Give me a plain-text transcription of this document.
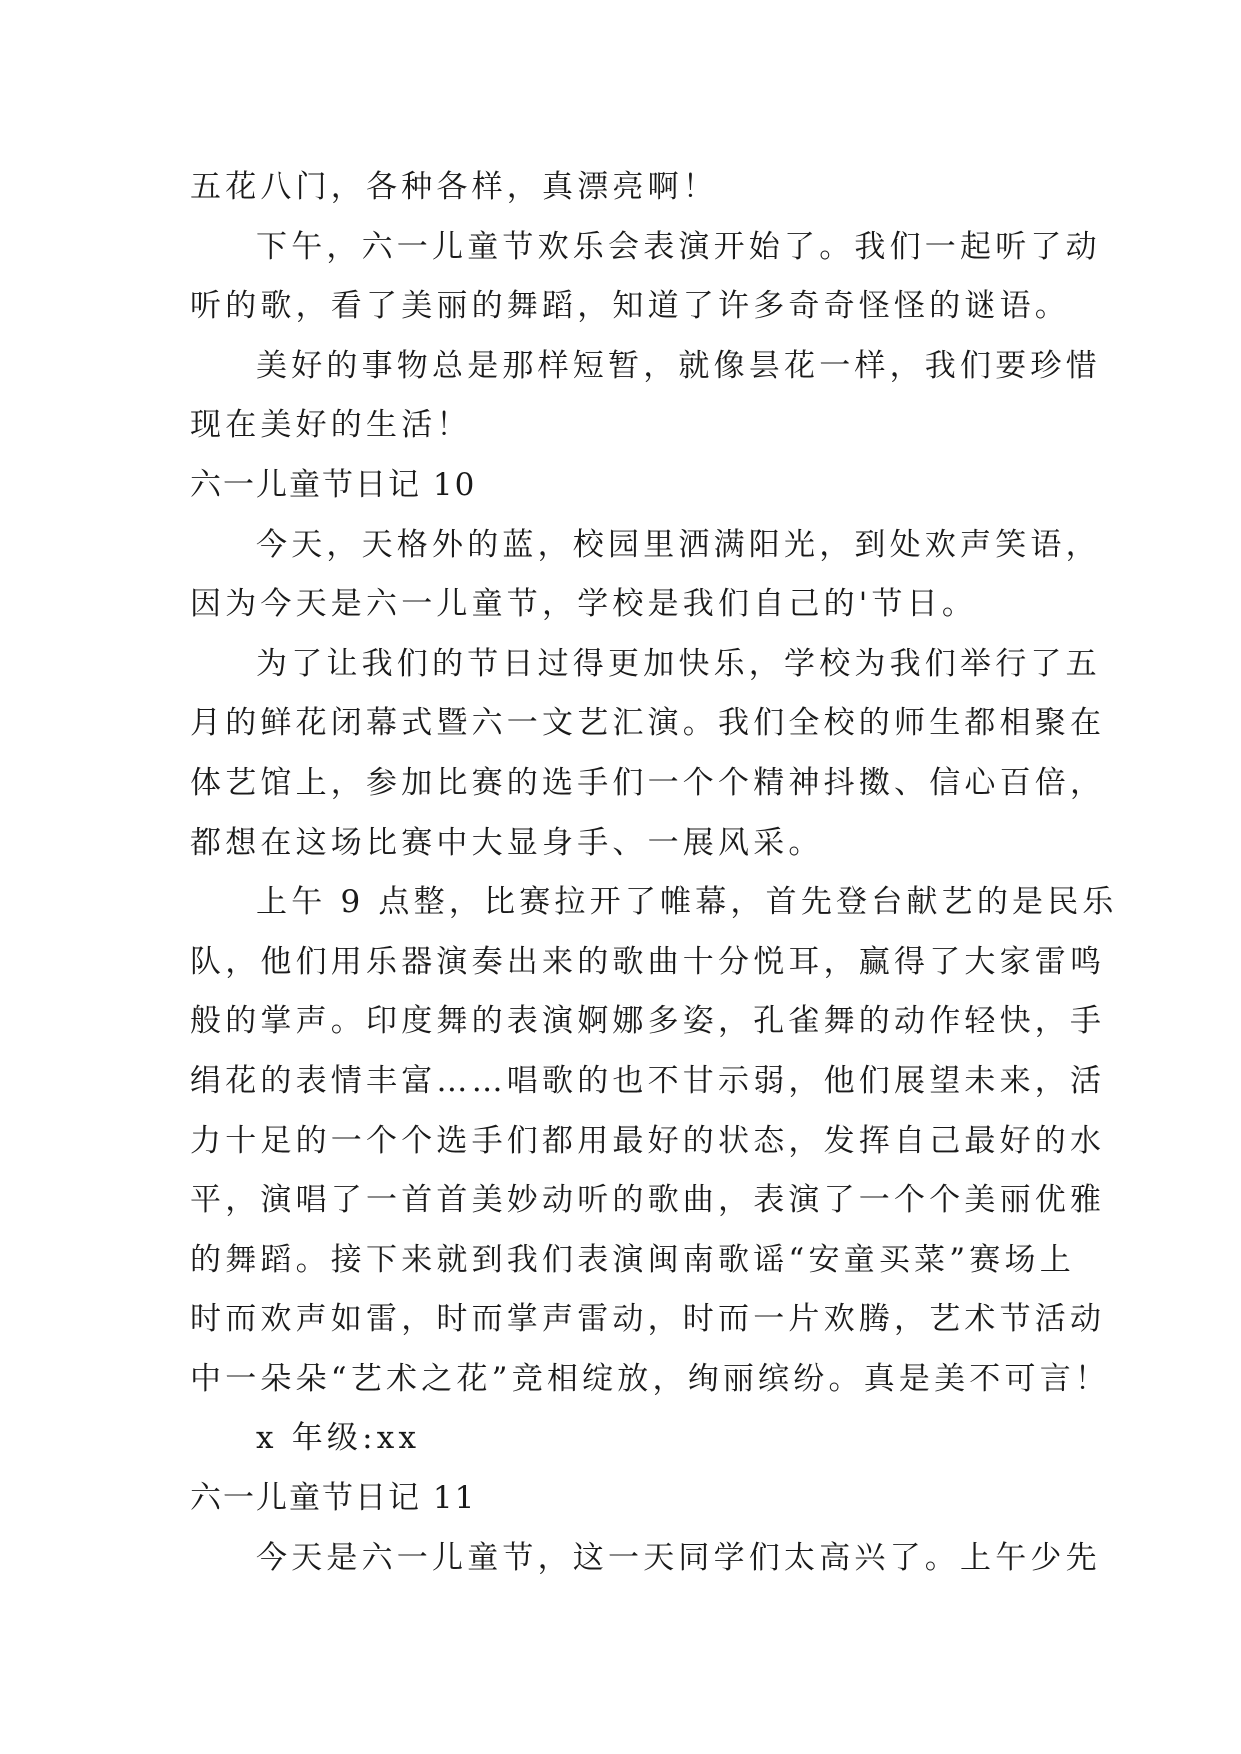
五花八门，各种各样，真漂亮啊！
下午，六一儿童节欢乐会表演开始了。我们一起听了动
听的歌，看了美丽的舞蹈，知道了许多奇奇怪怪的谜语。
美好的事物总是那样短暂，就像昙花一样，我们要珍惜
现在美好的生活！
六一儿童节日记 10
今天，天格外的蓝，校园里洒满阳光，到处欢声笑语，
因为今天是六一儿童节，学校是我们自己的'节日。
为了让我们的节日过得更加快乐，学校为我们举行了五
月的鲜花闭幕式暨六一文艺汇演。我们全校的师生都相聚在
体艺馆上，参加比赛的选手们一个个精神抖擞、信心百倍，
都想在这场比赛中大显身手、一展风采。
上午 9 点整，比赛拉开了帷幕，首先登台献艺的是民乐
队，他们用乐器演奏出来的歌曲十分悦耳，赢得了大家雷鸣
般的掌声。印度舞的表演婀娜多姿，孔雀舞的动作轻快，手
绢花的表情丰富……唱歌的也不甘示弱，他们展望未来，活
力十足的一个个选手们都用最好的状态，发挥自己最好的水
平，演唱了一首首美妙动听的歌曲，表演了一个个美丽优雅
的舞蹈。接下来就到我们表演闽南歌谣“安童买菜”赛场上
时而欢声如雷，时而掌声雷动，时而一片欢腾，艺术节活动
中一朵朵“艺术之花”竞相绽放，绚丽缤纷。真是美不可言！
x 年级:xx
六一儿童节日记 11
今天是六一儿童节，这一天同学们太高兴了。上午少先
